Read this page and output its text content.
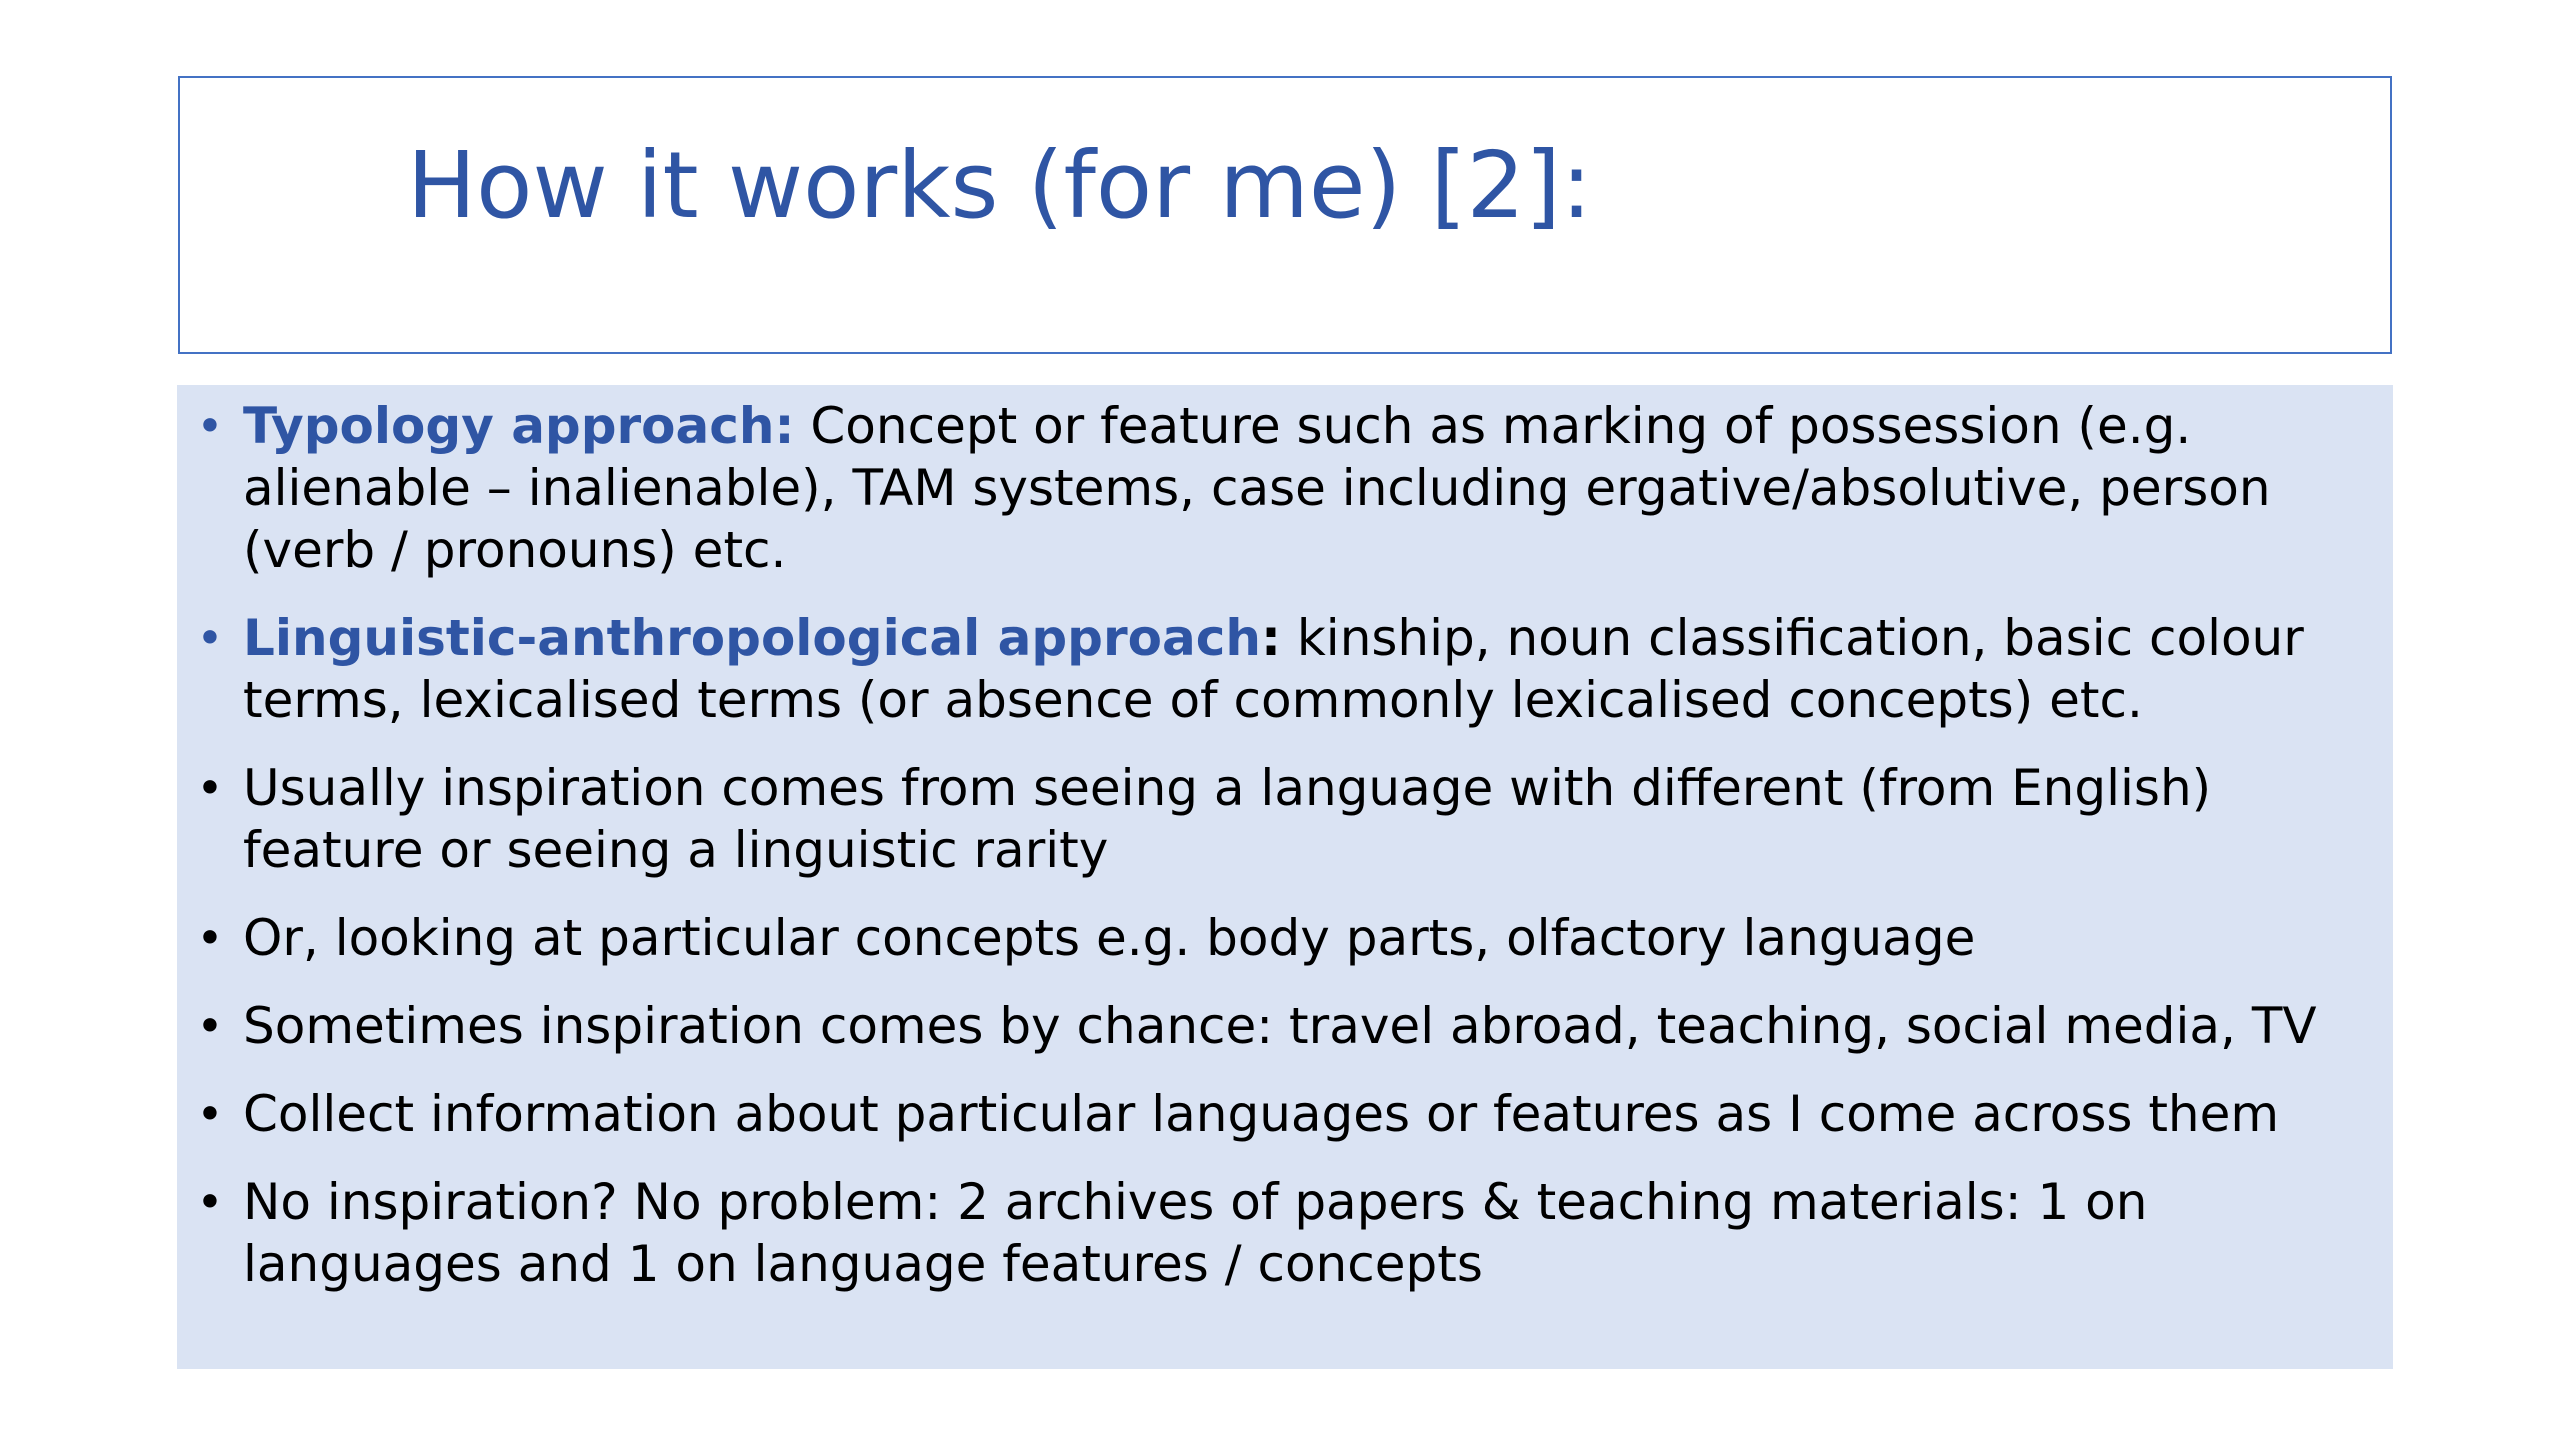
How it works (for me) [2]:
• Typology approach: Concept or feature such as marking of possession (e.g. alienable – inalienable), TAM systems, case including ergative/absolutive, person (verb / pronouns) etc.
• Linguistic-anthropological approach: kinship, noun classification, basic colour terms, lexicalised terms (or absence of commonly lexicalised concepts) etc.
• Usually inspiration comes from seeing a language with different (from English) feature or seeing a linguistic rarity
• Or, looking at particular concepts e.g. body parts, olfactory language
• Sometimes inspiration comes by chance: travel abroad, teaching, social media, TV
• Collect information about particular languages or features as I come across them
• No inspiration? No problem: 2 archives of papers & teaching materials: 1 on languages and 1 on language features / concepts
